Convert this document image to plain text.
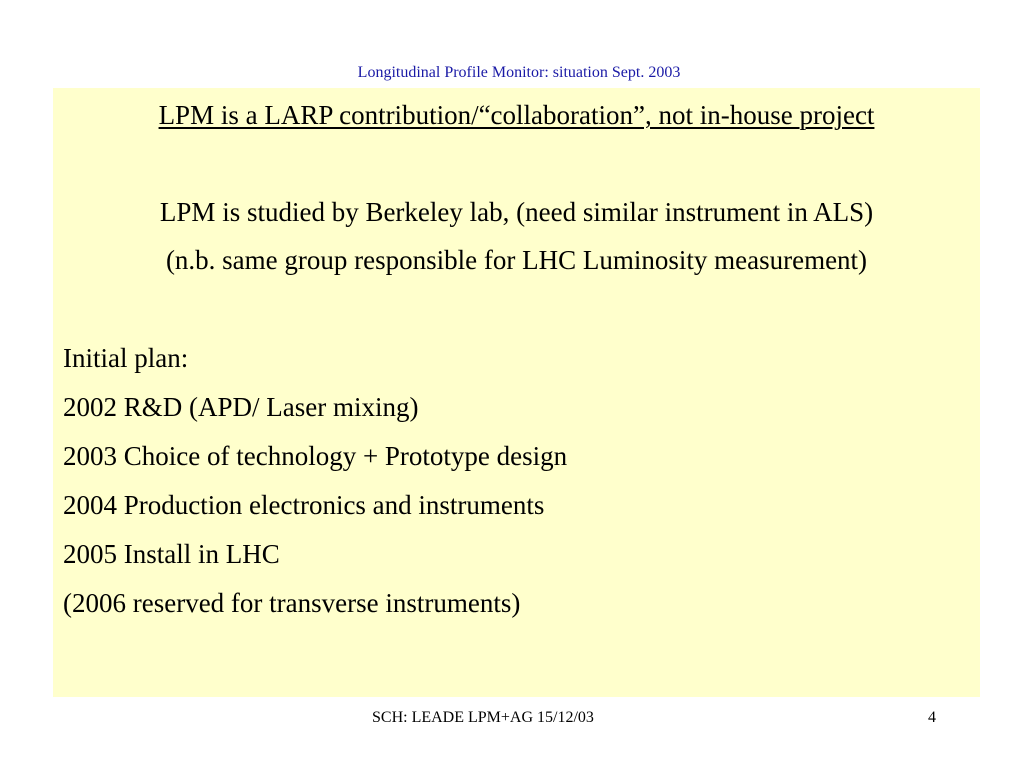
Longitudinal Profile Monitor: situation Sept. 2003
LPM is a LARP contribution/“collaboration”, not in-house project
LPM is studied by Berkeley lab, (need similar instrument in ALS)
(n.b. same group responsible for LHC Luminosity measurement)
Initial plan:
2002 R&D (APD/ Laser mixing)
2003 Choice of technology + Prototype design
2004 Production electronics and instruments
2005 Install in LHC
(2006 reserved for transverse instruments)
SCH: LEADE LPM+AG 15/12/03	4
